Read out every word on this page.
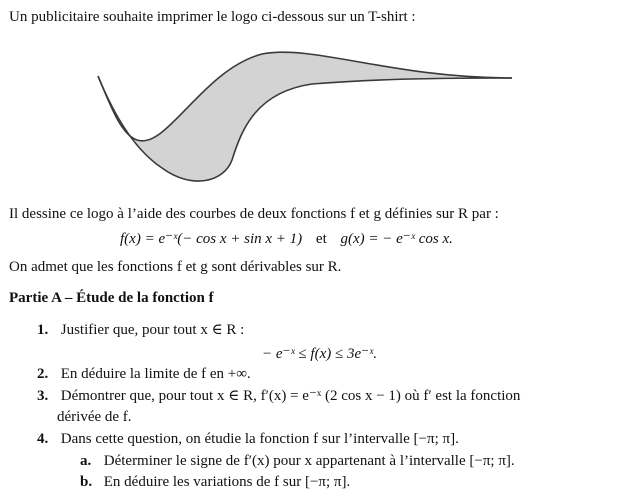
Un publicitaire souhaite imprimer le logo ci-dessous sur un T-shirt :
Il dessine ce logo à l’aide des courbes de deux fonctions f et g définies sur R par :
f(x) = e⁻ˣ(− cos x + sin x + 1) et g(x) = − e⁻ˣ cos x.
On admet que les fonctions f et g sont dérivables sur R.
Partie A – Étude de la fonction f
1. Justifier que, pour tout x ∈ R :
− e⁻ˣ ≤ f(x) ≤ 3e⁻ˣ.
2. En déduire la limite de f en +∞.
3. Démontrer que, pour tout x ∈ R, f′(x) = e⁻ˣ (2 cos x − 1) où f′ est la fonction
dérivée de f.
4. Dans cette question, on étudie la fonction f sur l’intervalle [−π; π].
a. Déterminer le signe de f′(x) pour x appartenant à l’intervalle [−π; π].
b. En déduire les variations de f sur [−π; π].
